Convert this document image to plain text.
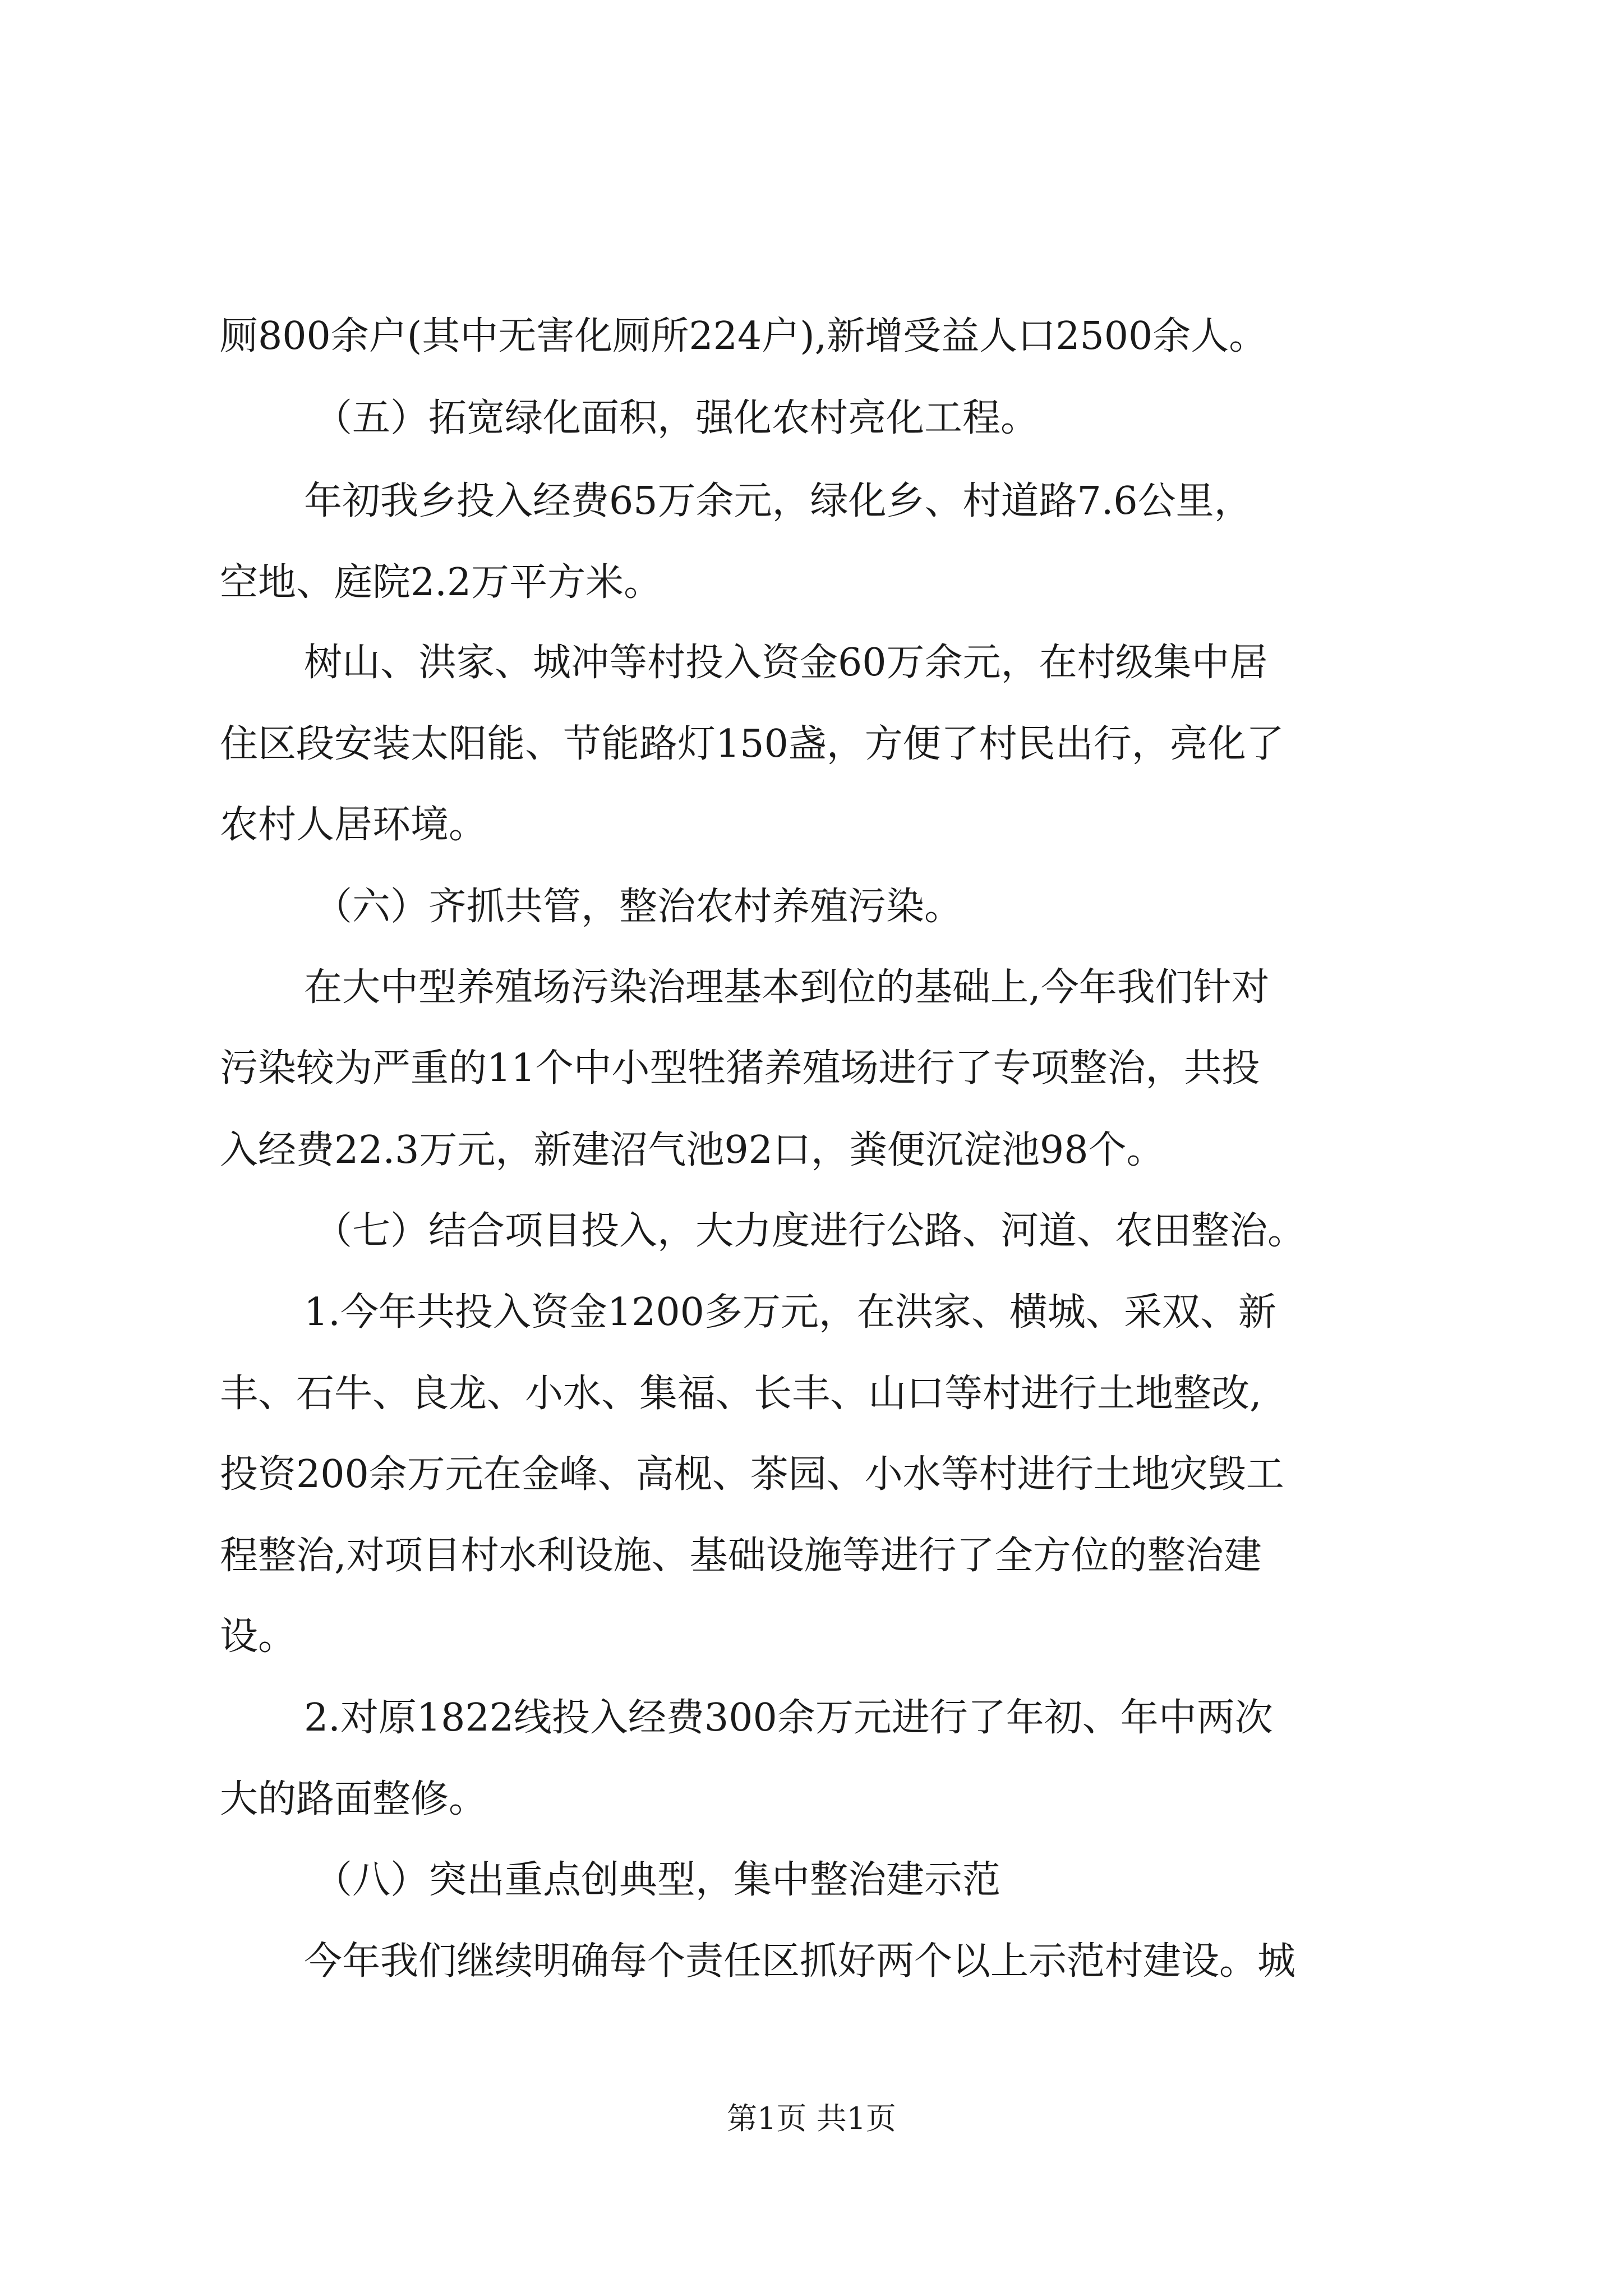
厕800余户(其中无害化厕所224户),新增受益人口2500余人。
（五）拓宽绿化面积，强化农村亮化工程。
年初我乡投入经费65万余元，绿化乡、村道路7.6公里，
空地、庭院2.2万平方米。
树山、洪家、城冲等村投入资金60万余元，在村级集中居
住区段安装太阳能、节能路灯150盏，方便了村民出行，亮化了
农村人居环境。
（六）齐抓共管，整治农村养殖污染。
在大中型养殖场污染治理基本到位的基础上,今年我们针对
污染较为严重的11个中小型牲猪养殖场进行了专项整治，共投
入经费22.3万元，新建沼气池92口，粪便沉淀池98个。
（七）结合项目投入，大力度进行公路、河道、农田整治。
1.今年共投入资金1200多万元，在洪家、横城、采双、新
丰、石牛、良龙、小水、集福、长丰、山口等村进行土地整改,
投资200余万元在金峰、高枧、茶园、小水等村进行土地灾毁工
程整治,对项目村水利设施、基础设施等进行了全方位的整治建
设。
2.对原1822线投入经费300余万元进行了年初、年中两次
大的路面整修。
（八）突出重点创典型，集中整治建示范
今年我们继续明确每个责任区抓好两个以上示范村建设。城
第1页 共1页
